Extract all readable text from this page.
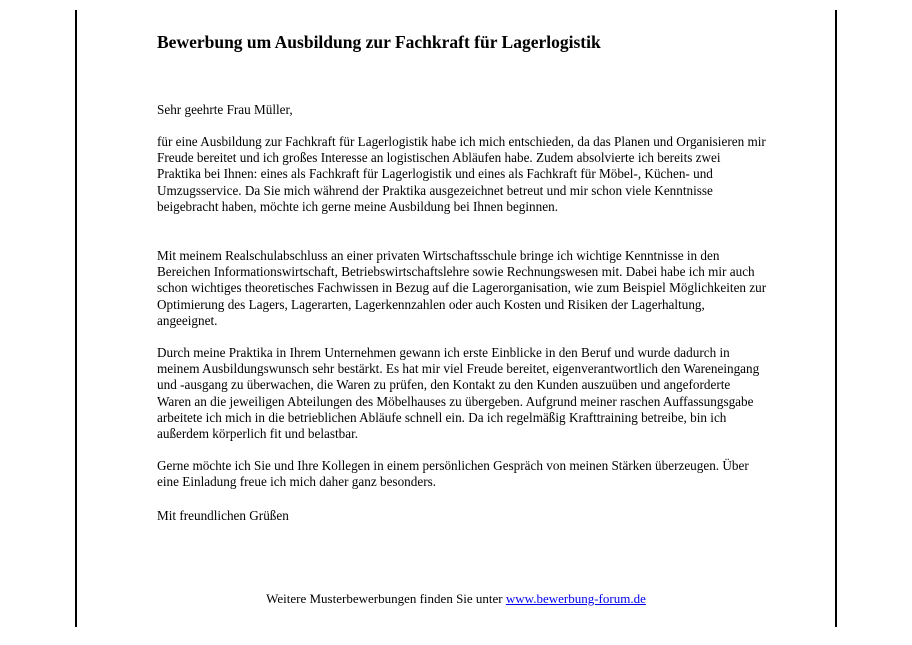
Bewerbung um Ausbildung zur Fachkraft für Lagerlogistik

Sehr geehrte Frau Müller,

für eine Ausbildung zur Fachkraft für Lagerlogistik habe ich mich entschieden, da das Planen und Organisieren mir Freude bereitet und ich großes Interesse an logistischen Abläufen habe. Zudem absolvierte ich bereits zwei Praktika bei Ihnen: eines als Fachkraft für Lagerlogistik und eines als Fachkraft für Möbel-, Küchen- und Umzugsservice. Da Sie mich während der Praktika ausgezeichnet betreut und mir schon viele Kenntnisse beigebracht haben, möchte ich gerne meine Ausbildung bei Ihnen beginnen.

Mit meinem Realschulabschluss an einer privaten Wirtschaftsschule bringe ich wichtige Kenntnisse in den Bereichen Informationswirtschaft, Betriebswirtschaftslehre sowie Rechnungswesen mit. Dabei habe ich mir auch schon wichtiges theoretisches Fachwissen in Bezug auf die Lagerorganisation, wie zum Beispiel Möglichkeiten zur Optimierung des Lagers, Lagerarten, Lagerkennzahlen oder auch Kosten und Risiken der Lagerhaltung, angeeignet.

Durch meine Praktika in Ihrem Unternehmen gewann ich erste Einblicke in den Beruf und wurde dadurch in meinem Ausbildungswunsch sehr bestärkt. Es hat mir viel Freude bereitet, eigenverantwortlich den Wareneingang und -ausgang zu überwachen, die Waren zu prüfen, den Kontakt zu den Kunden auszuüben und angeforderte Waren an die jeweiligen Abteilungen des Möbelhauses zu übergeben. Aufgrund meiner raschen Auffassungsgabe arbeitete ich mich in die betrieblichen Abläufe schnell ein. Da ich regelmäßig Krafttraining betreibe, bin ich außerdem körperlich fit und belastbar.

Gerne möchte ich Sie und Ihre Kollegen in einem persönlichen Gespräch von meinen Stärken überzeugen. Über eine Einladung freue ich mich daher ganz besonders.

Mit freundlichen Grüßen

Weitere Musterbewerbungen finden Sie unter www.bewerbung-forum.de
